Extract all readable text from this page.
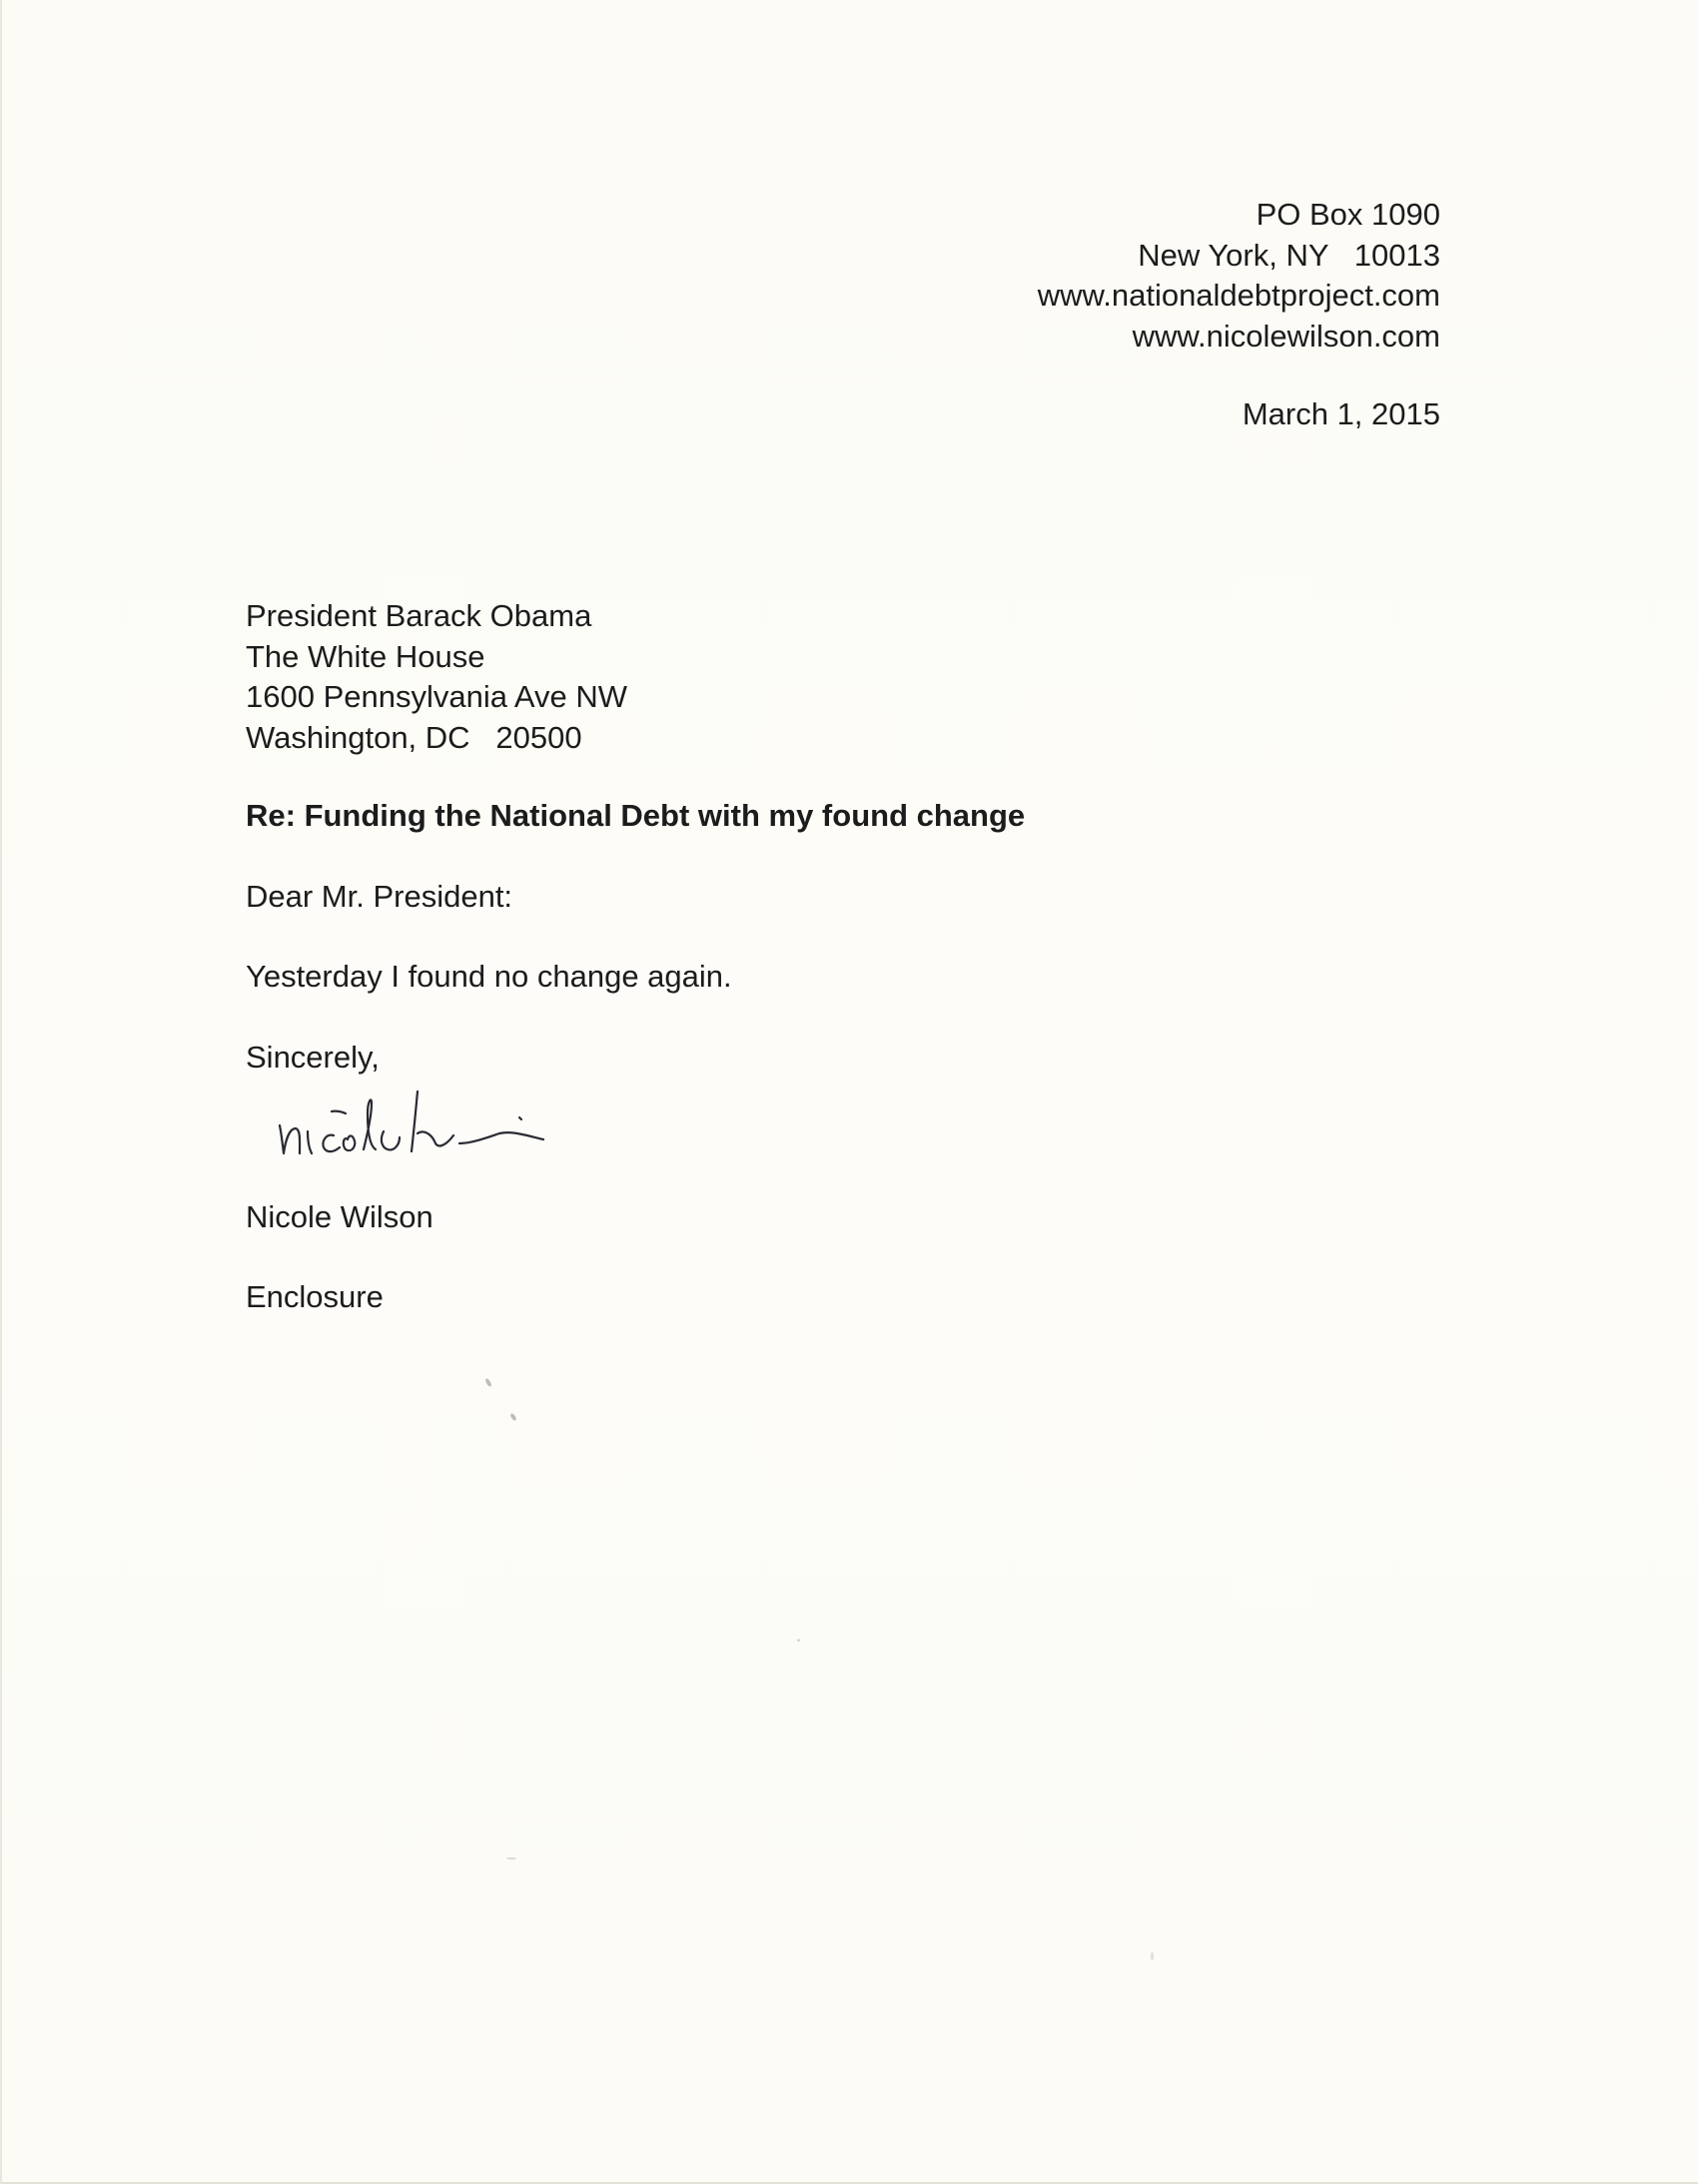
PO Box 1090
New York, NY   10013
www.nationaldebtproject.com
www.nicolewilson.com
March 1, 2015
President Barack Obama
The White House
1600 Pennsylvania Ave NW
Washington, DC   20500
Re: Funding the National Debt with my found change
Dear Mr. President:
Yesterday I found no change again.
Sincerely,
Nicole Wilson
Enclosure
